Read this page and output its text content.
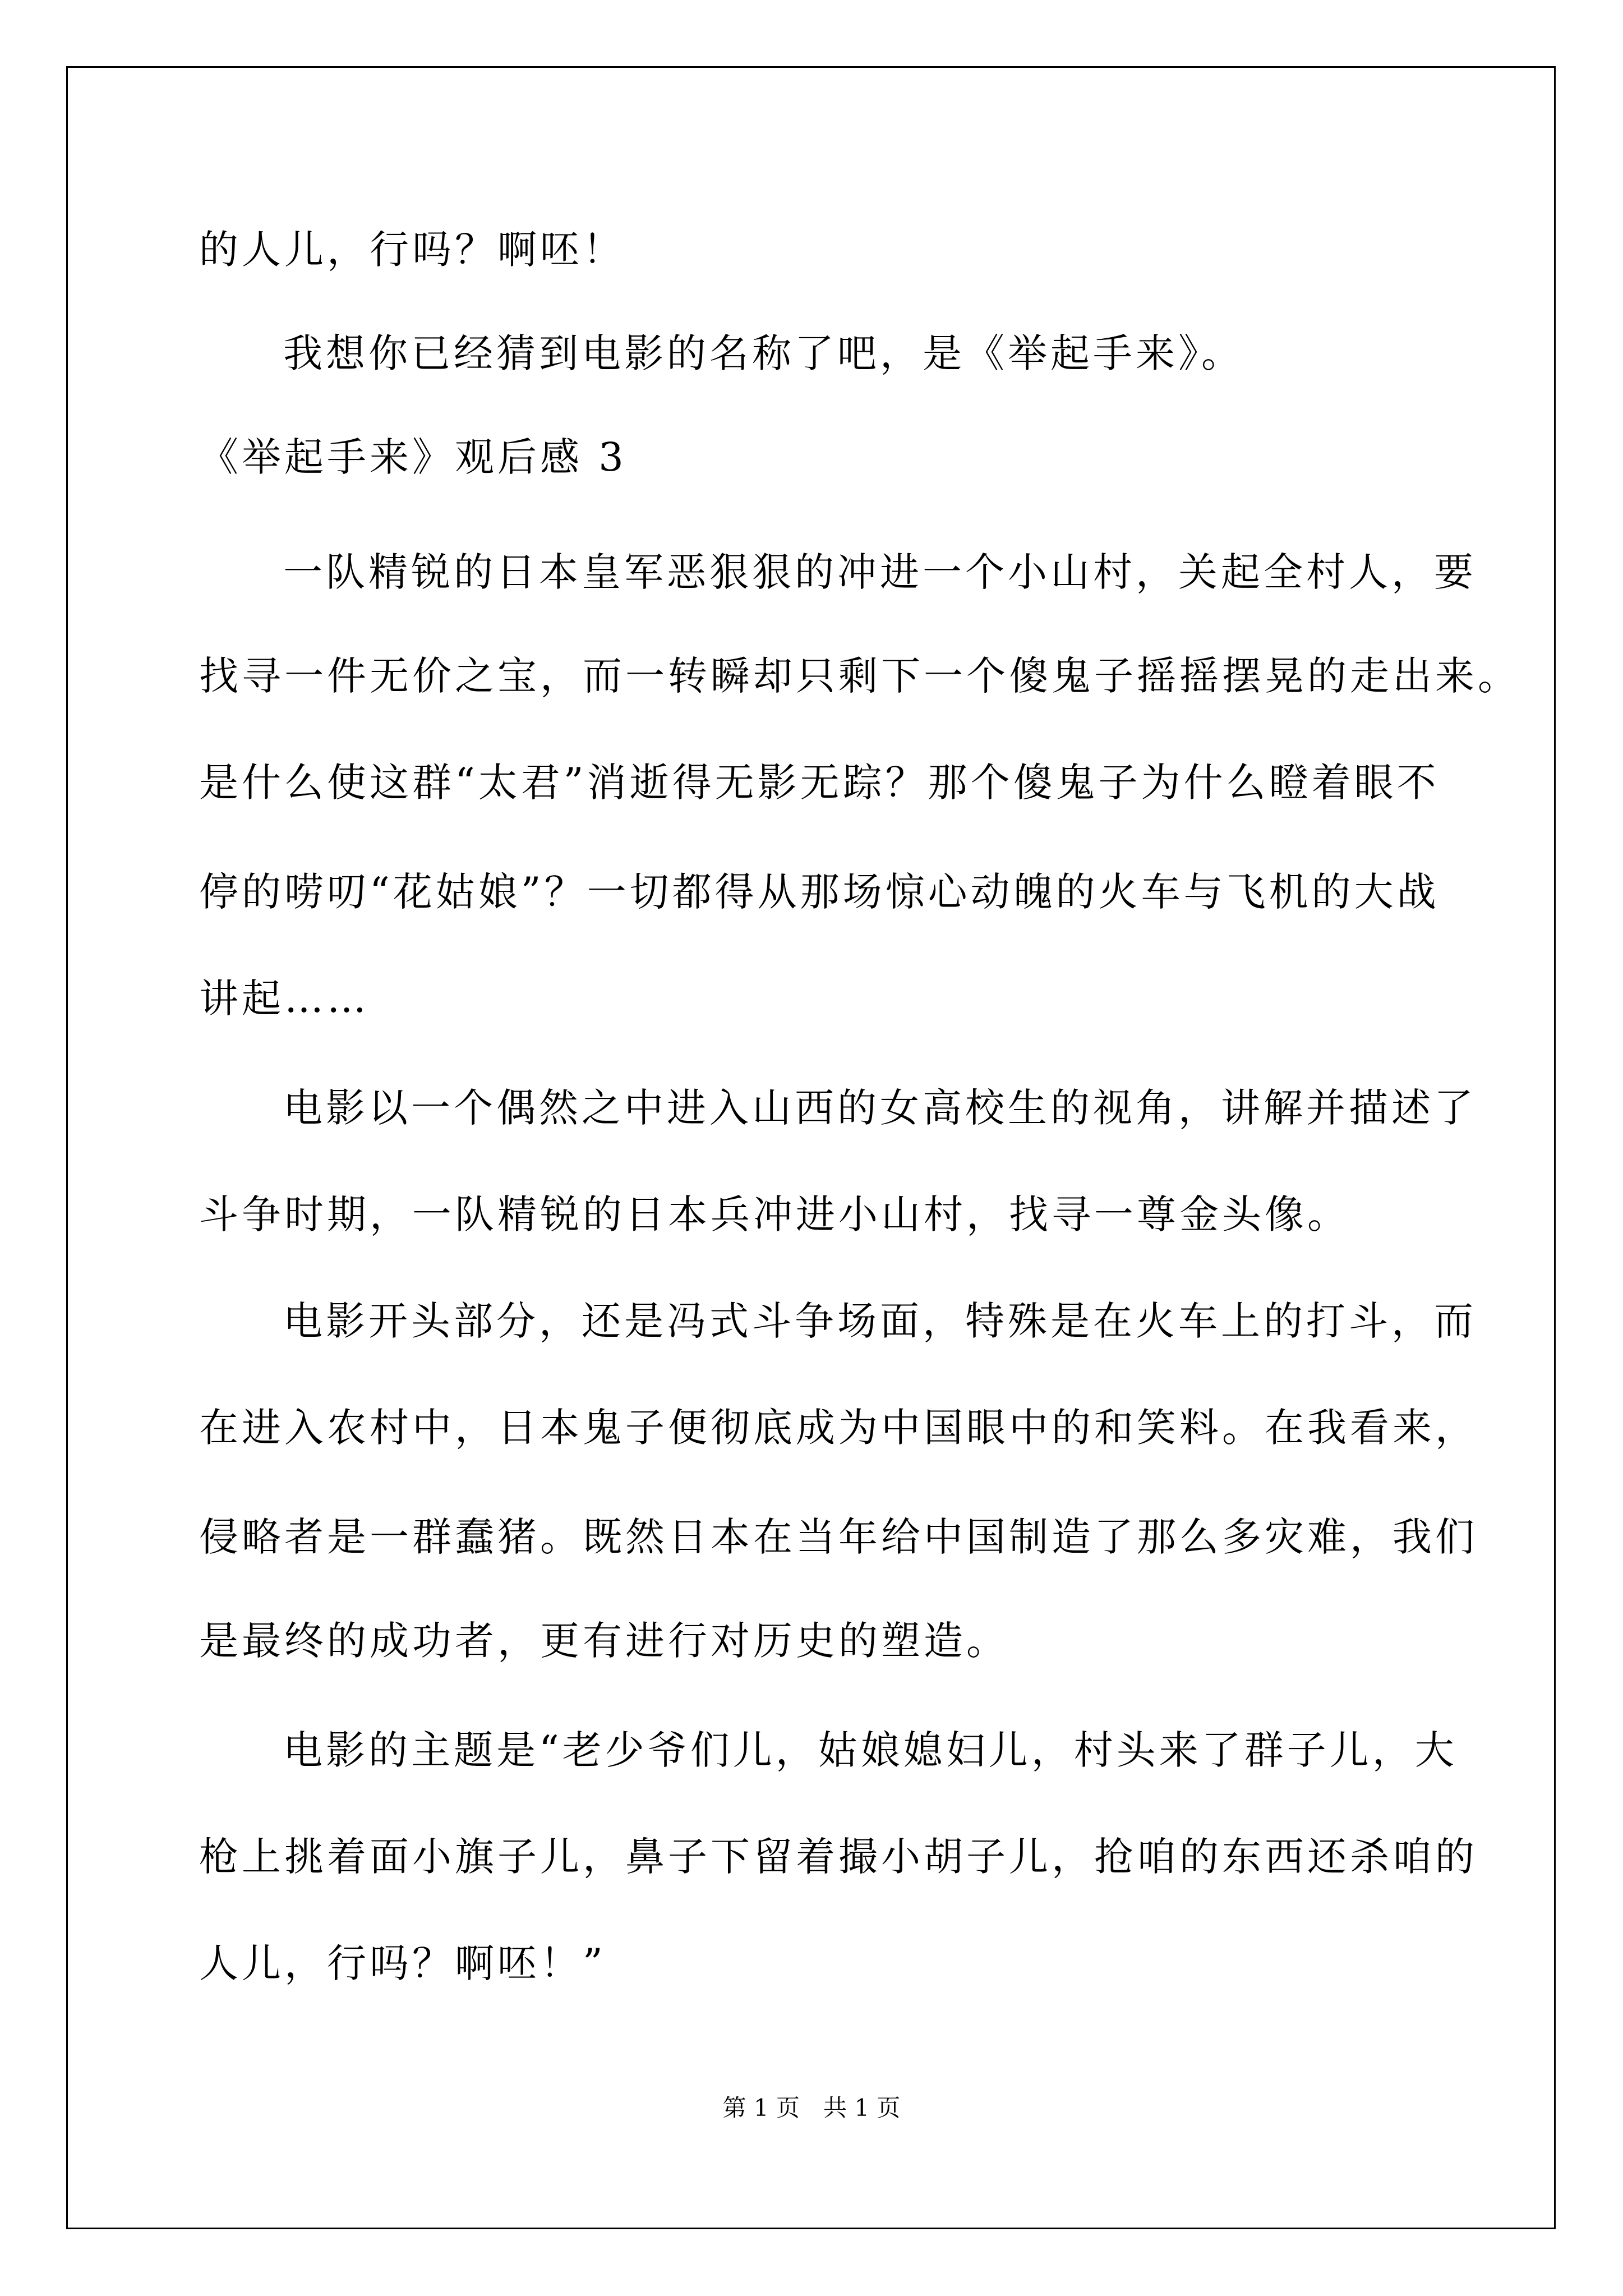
的人儿，行吗？啊呸！
我想你已经猜到电影的名称了吧，是《举起手来》。
《举起手来》观后感 3
一队精锐的日本皇军恶狠狠的冲进一个小山村，关起全村人，要
找寻一件无价之宝，而一转瞬却只剩下一个傻鬼子摇摇摆晃的走出来。
是什么使这群“太君”消逝得无影无踪？那个傻鬼子为什么瞪着眼不
停的唠叨“花姑娘”？一切都得从那场惊心动魄的火车与飞机的大战
讲起……
电影以一个偶然之中进入山西的女高校生的视角，讲解并描述了
斗争时期，一队精锐的日本兵冲进小山村，找寻一尊金头像。
电影开头部分，还是冯式斗争场面，特殊是在火车上的打斗，而
在进入农村中，日本鬼子便彻底成为中国眼中的和笑料。在我看来，
侵略者是一群蠢猪。既然日本在当年给中国制造了那么多灾难，我们
是最终的成功者，更有进行对历史的塑造。
电影的主题是“老少爷们儿，姑娘媳妇儿，村头来了群子儿，大
枪上挑着面小旗子儿，鼻子下留着撮小胡子儿，抢咱的东西还杀咱的
人儿，行吗？啊呸！”
第 1 页　共 1 页
